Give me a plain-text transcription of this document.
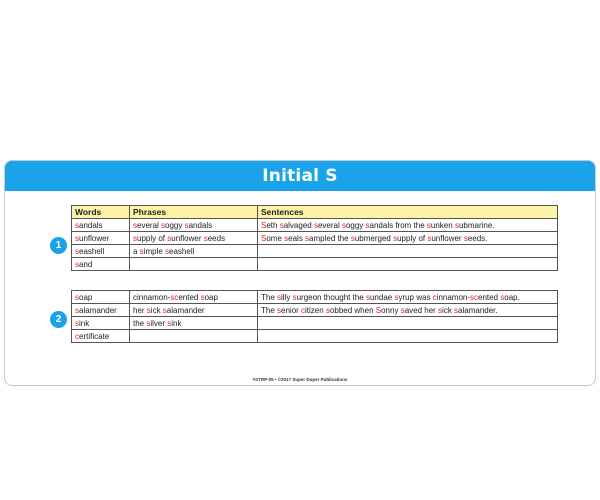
Initial S
1
Words	Phrases	Sentences
sandals	several soggy sandals	Seth salvaged several soggy sandals from the sunken submarine.
sunflower	supply of sunflower seeds	Some seals sampled the submerged supply of sunflower seeds.
seashell	a simple seashell	
sand		
2
soap	cinnamon-scented soap	The silly surgeon thought the sundae syrup was cinnamon-scented soap.
salamander	her sick salamander	The senior citizen sobbed when Sonny saved her sick salamander.
sink	the silver sink	
certificate		
#STRP-05 • ©2017 Super Duper Publications
